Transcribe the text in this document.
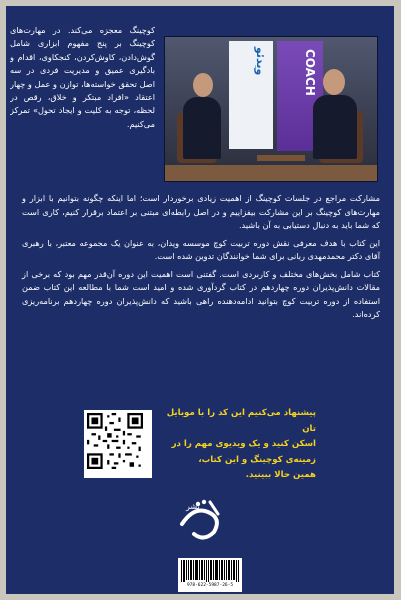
کوچینگ معجزه می‌کند. در مهارت‌های کوچینگ بر پنج مفهوم ابزاری شامل گوش‌دادن، کاوش‌کردن، کنجکاوی، اقدام و بادگیری عمیق و مدیریت فردی در سه اصل تحقق خواسته‌ها، توازن و عمل و چهار اعتقاد «افراد مبتکر و خلاق، رقص در لحظه، توجه به کلیت و ایجاد تحول» تمرکز می‌کنیم.
ویدئو	COACH

مشارکت مراجع در جلسات کوچینگ از اهمیت زیادی برخوردار است؛ اما اینکه چگونه بتوانیم با ابزار و مهارت‌های کوچینگ بر این مشارکت بیفزاییم و در اصل رابطه‌ای مبتنی بر اعتماد برقرار کنیم، کاری است که شما باید به دنبال دستیابی به آن باشید.

این کتاب با هدف معرفی نقش دوره تربیت کوچ موسسه ویدان، به عنوان یک مجموعه معتبر، با رهبری آقای دکتر محمدمهدی ربانی برای شما خوانندگان تدوین شده است.

کتاب شامل بخش‌های مختلف و کاربردی است. گفتنی است اهمیت این دوره آن‌قدر مهم بود که برخی از مقالات دانش‌پذیران دوره چهاردهم در کتاب گردآوری شده و امید است شما با مطالعه این کتاب ضمن استفاده از دوره تربیت کوچ بتوانید ادامه‌دهنده راهی باشید که دانش‌پذیران دوره چهاردهم برنامه‌ریزی کرده‌اند.

پیشنهاد می‌کنیم این کد را با موبایل تان
اسکن کنید و یک ویدیوی مهم را در
زمینه‌ی کوچینگ و این کتاب،
همین حالا ببینید.
نشر
978-622-5987-26-5
